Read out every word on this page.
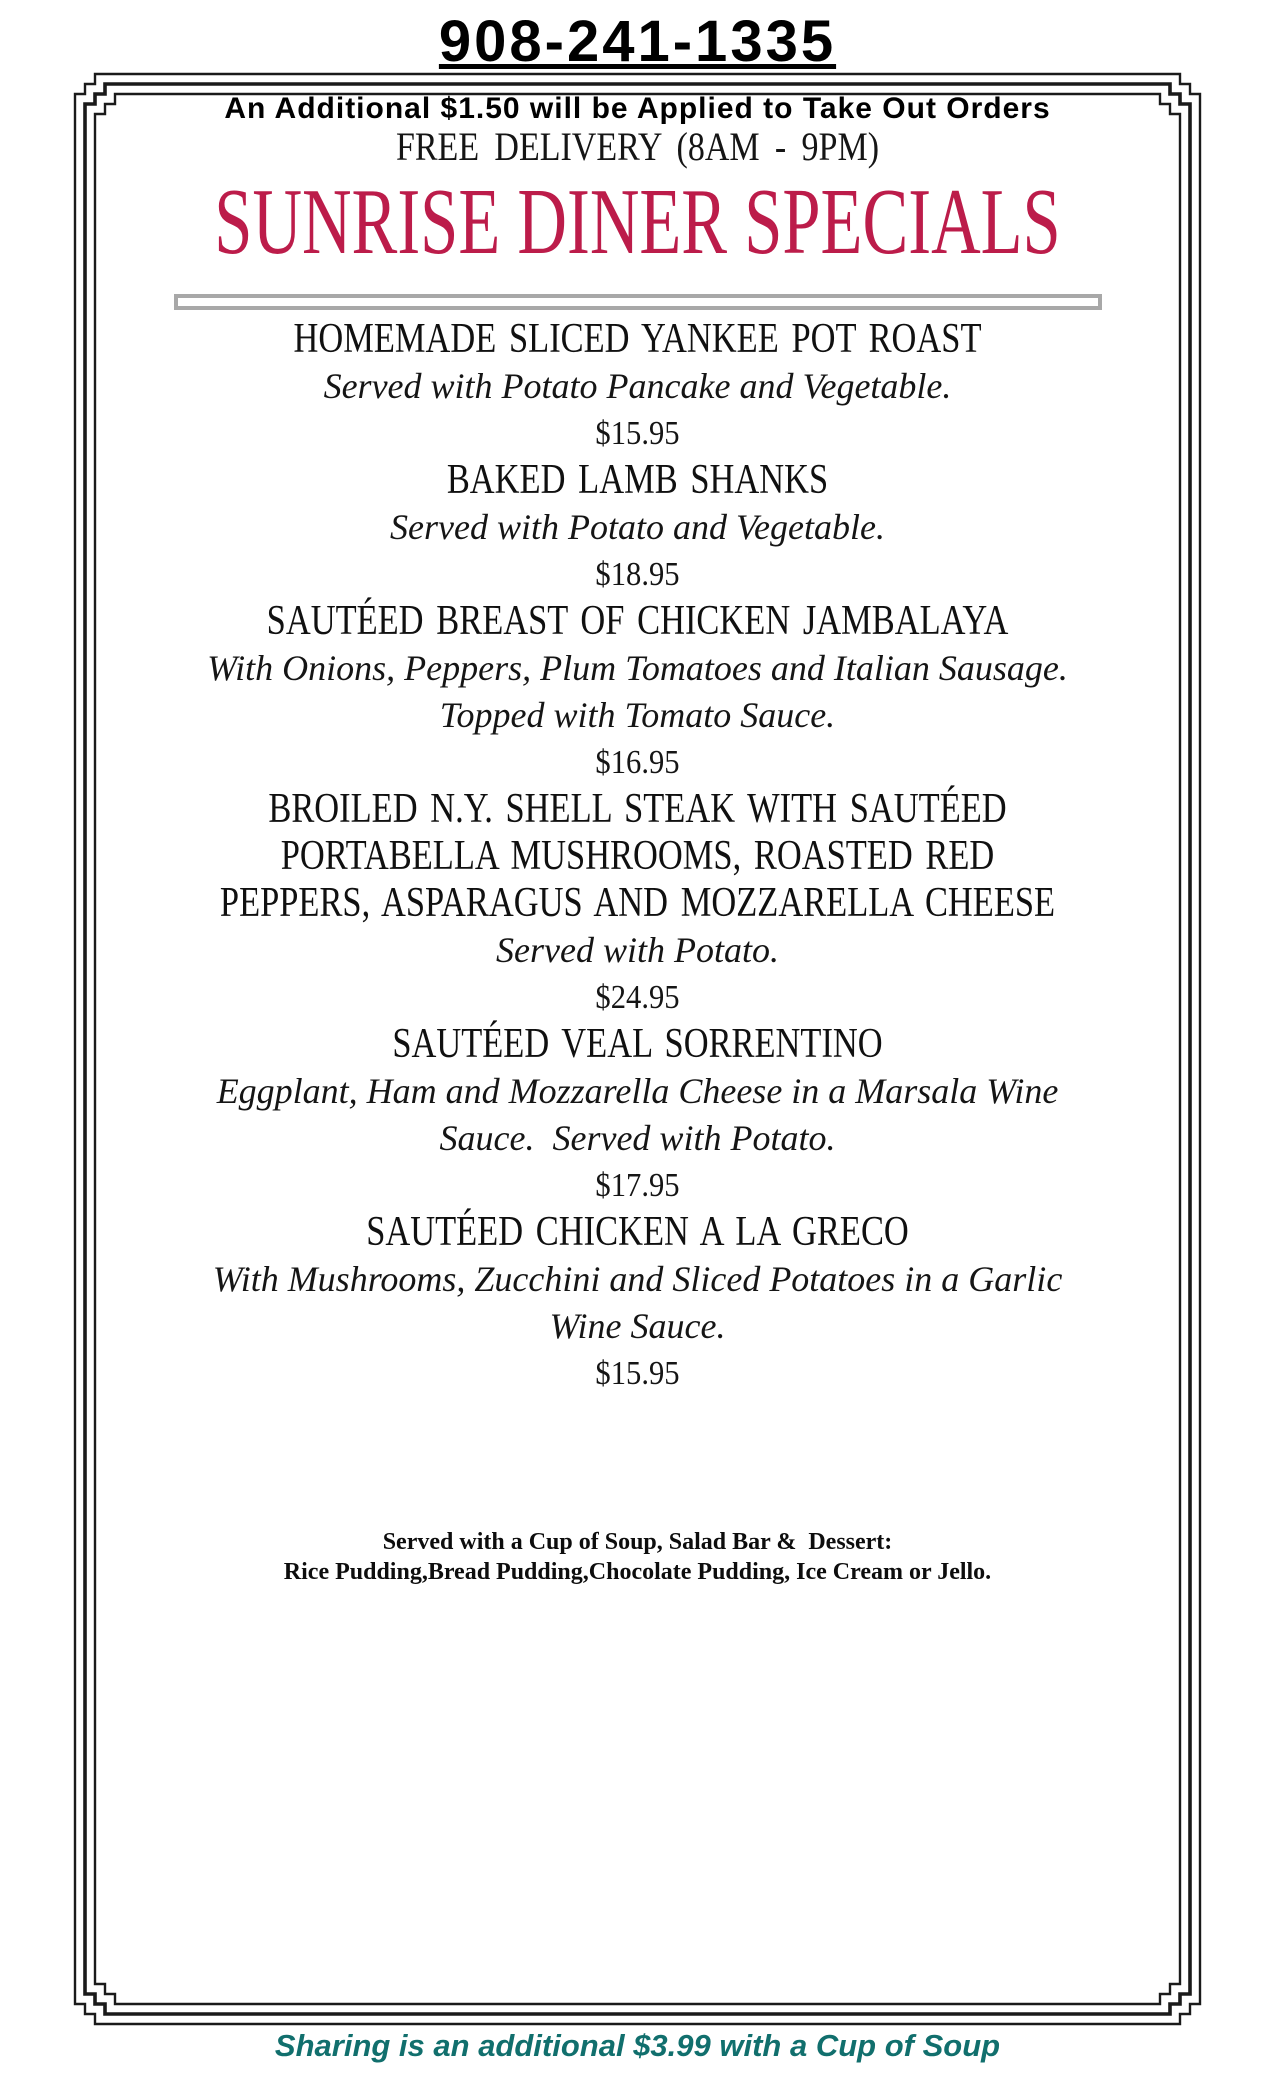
908-241-1335
An Additional $1.50 will be Applied to Take Out Orders
FREE DELIVERY (8AM - 9PM)
SUNRISE DINER SPECIALS
HOMEMADE SLICED YANKEE POT ROAST
Served with Potato Pancake and Vegetable.
$15.95
BAKED LAMB SHANKS
Served with Potato and Vegetable.
$18.95
SAUTÉED BREAST OF CHICKEN JAMBALAYA
With Onions, Peppers, Plum Tomatoes and Italian Sausage.
Topped with Tomato Sauce.
$16.95
BROILED N.Y. SHELL STEAK WITH SAUTÉED
PORTABELLA MUSHROOMS, ROASTED RED
PEPPERS, ASPARAGUS AND MOZZARELLA CHEESE
Served with Potato.
$24.95
SAUTÉED VEAL SORRENTINO
Eggplant, Ham and Mozzarella Cheese in a Marsala Wine
Sauce.  Served with Potato.
$17.95
SAUTÉED CHICKEN A LA GRECO
With Mushrooms, Zucchini and Sliced Potatoes in a Garlic
Wine Sauce.
$15.95
Served with a Cup of Soup, Salad Bar &  Dessert:
Rice Pudding,Bread Pudding,Chocolate Pudding, Ice Cream or Jello.
Sharing is an additional $3.99 with a Cup of Soup
